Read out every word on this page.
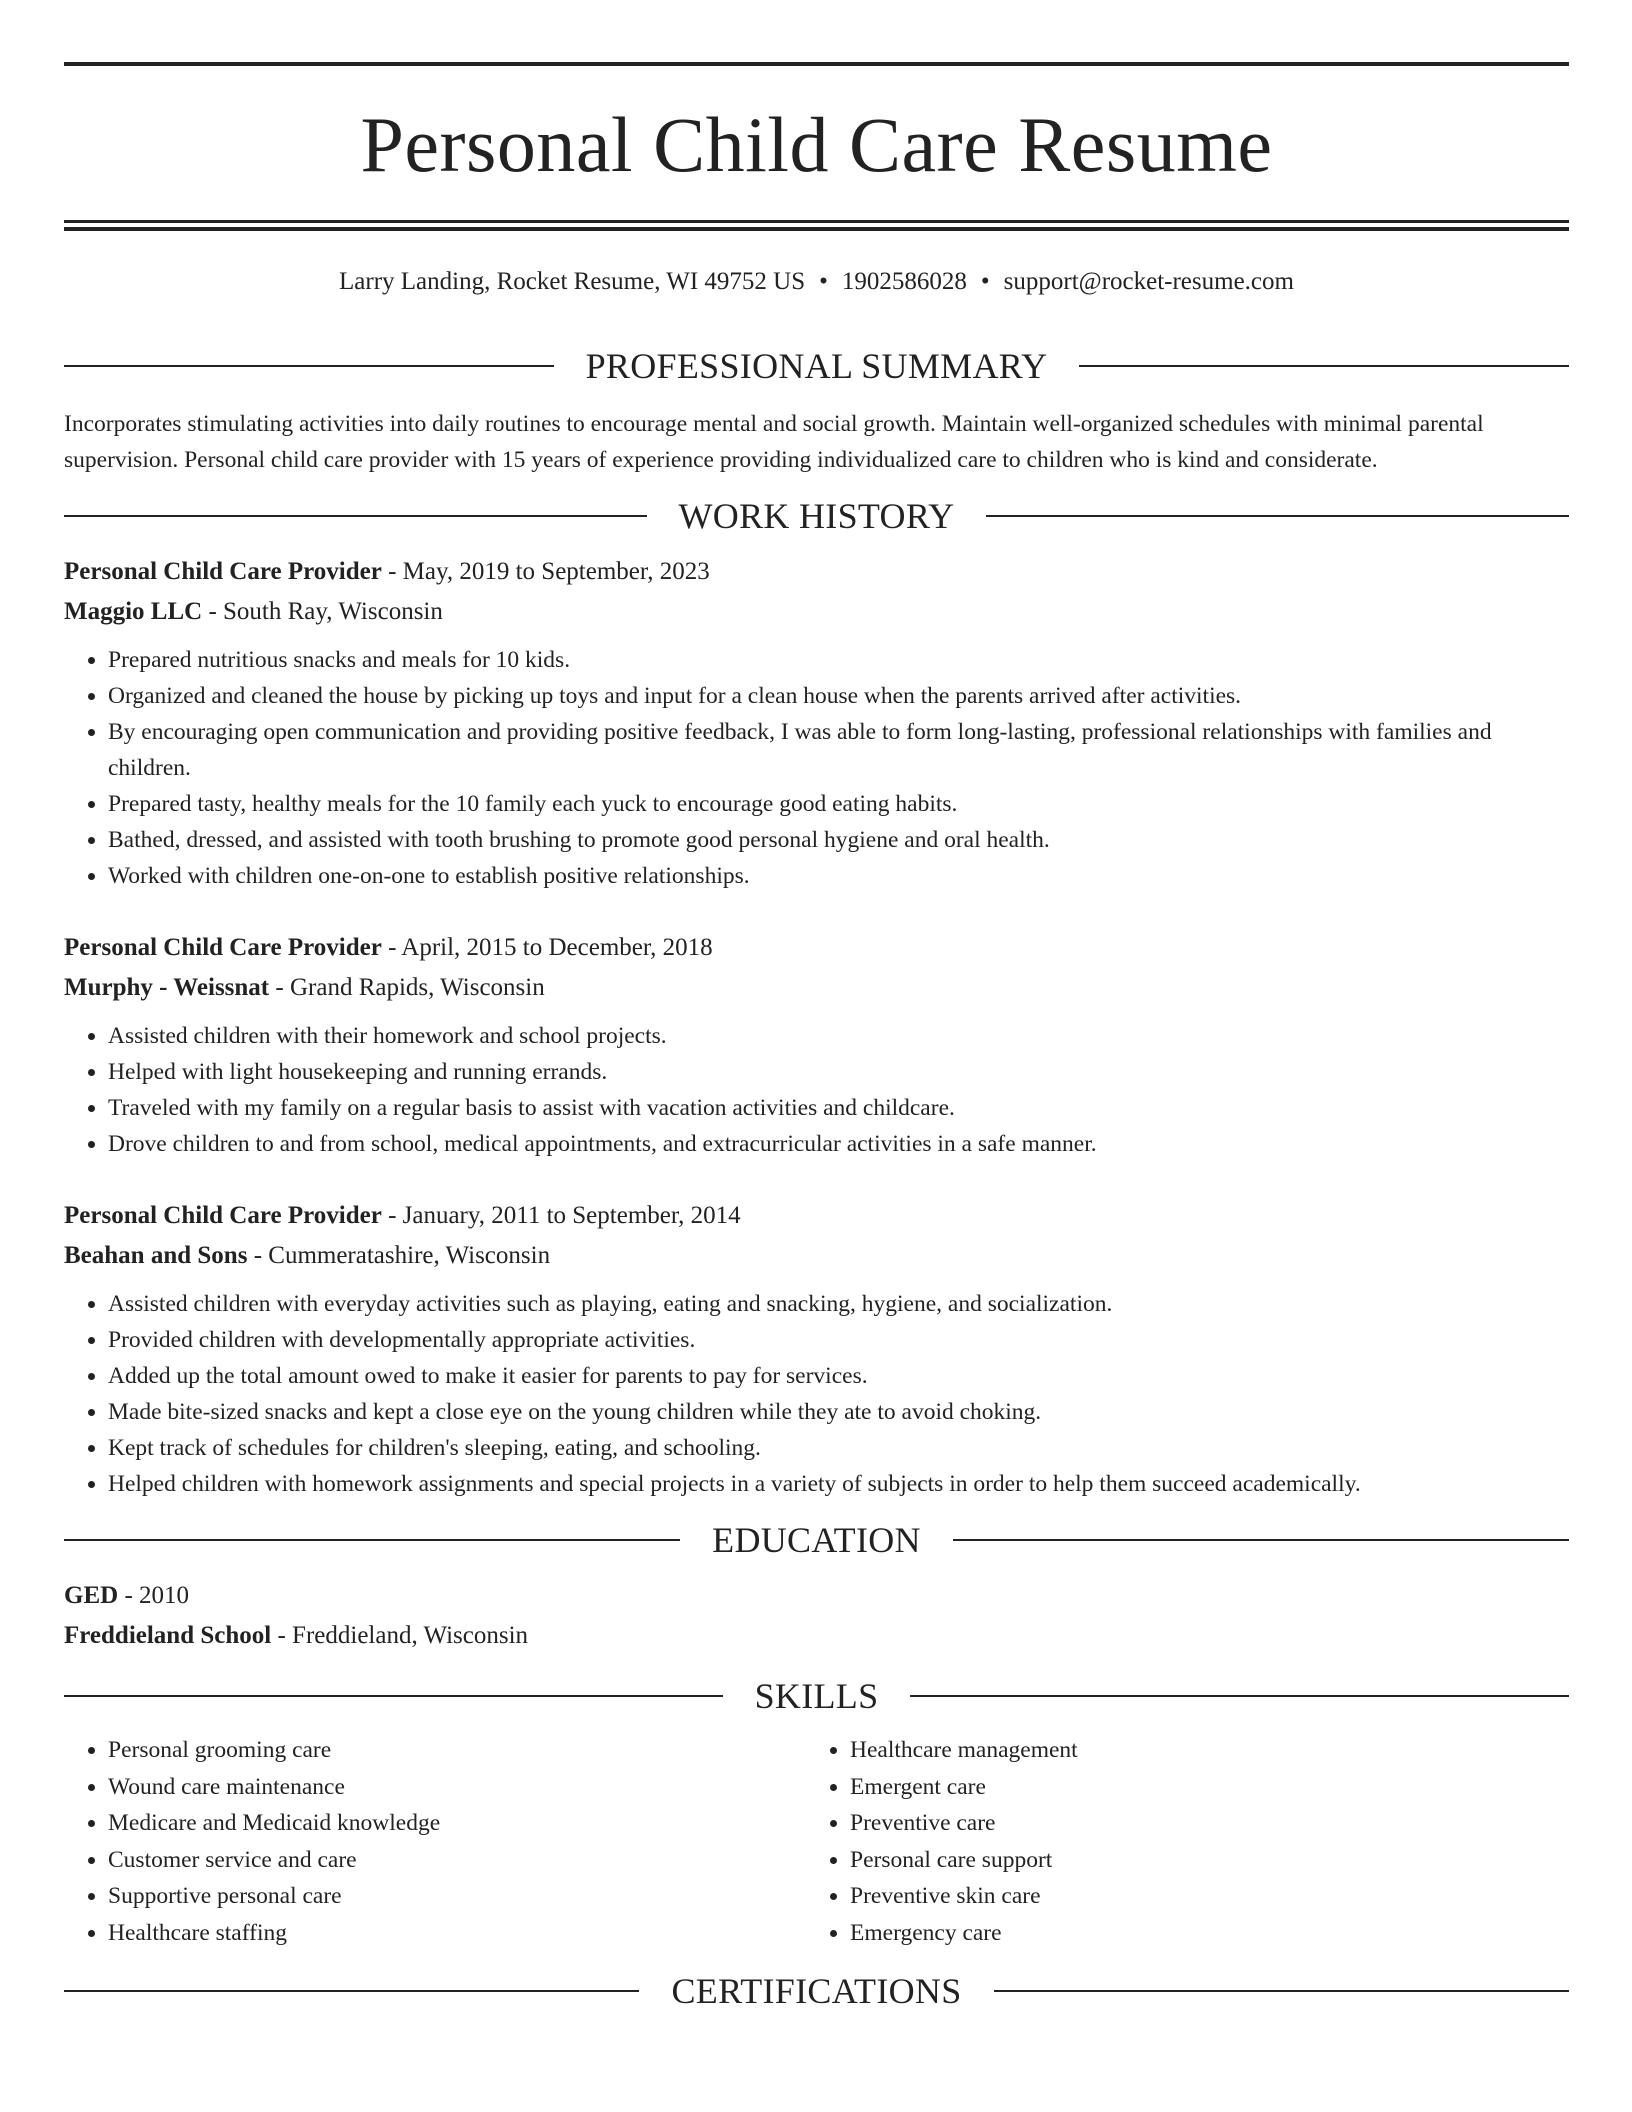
Personal Child Care Resume
Larry Landing, Rocket Resume, WI 49752 US • 1902586028 • support@rocket-resume.com
PROFESSIONAL SUMMARY

Incorporates stimulating activities into daily routines to encourage mental and social growth. Maintain well-organized schedules with minimal parental supervision. Personal child care provider with 15 years of experience providing individualized care to children who is kind and considerate.

WORK HISTORY
Personal Child Care Provider - May, 2019 to September, 2023
Maggio LLC - South Ray, Wisconsin
• Prepared nutritious snacks and meals for 10 kids.
• Organized and cleaned the house by picking up toys and input for a clean house when the parents arrived after activities.
• By encouraging open communication and providing positive feedback, I was able to form long-lasting, professional relationships with families and children.
• Prepared tasty, healthy meals for the 10 family each yuck to encourage good eating habits.
• Bathed, dressed, and assisted with tooth brushing to promote good personal hygiene and oral health.
• Worked with children one-on-one to establish positive relationships.
Personal Child Care Provider - April, 2015 to December, 2018
Murphy - Weissnat - Grand Rapids, Wisconsin
• Assisted children with their homework and school projects.
• Helped with light housekeeping and running errands.
• Traveled with my family on a regular basis to assist with vacation activities and childcare.
• Drove children to and from school, medical appointments, and extracurricular activities in a safe manner.
Personal Child Care Provider - January, 2011 to September, 2014
Beahan and Sons - Cummeratashire, Wisconsin
• Assisted children with everyday activities such as playing, eating and snacking, hygiene, and socialization.
• Provided children with developmentally appropriate activities.
• Added up the total amount owed to make it easier for parents to pay for services.
• Made bite-sized snacks and kept a close eye on the young children while they ate to avoid choking.
• Kept track of schedules for children's sleeping, eating, and schooling.
• Helped children with homework assignments and special projects in a variety of subjects in order to help them succeed academically.
EDUCATION
GED - 2010
Freddieland School - Freddieland, Wisconsin
SKILLS
• Personal grooming care
• Wound care maintenance
• Medicare and Medicaid knowledge
• Customer service and care
• Supportive personal care
• Healthcare staffing
• Healthcare management
• Emergent care
• Preventive care
• Personal care support
• Preventive skin care
• Emergency care
CERTIFICATIONS
